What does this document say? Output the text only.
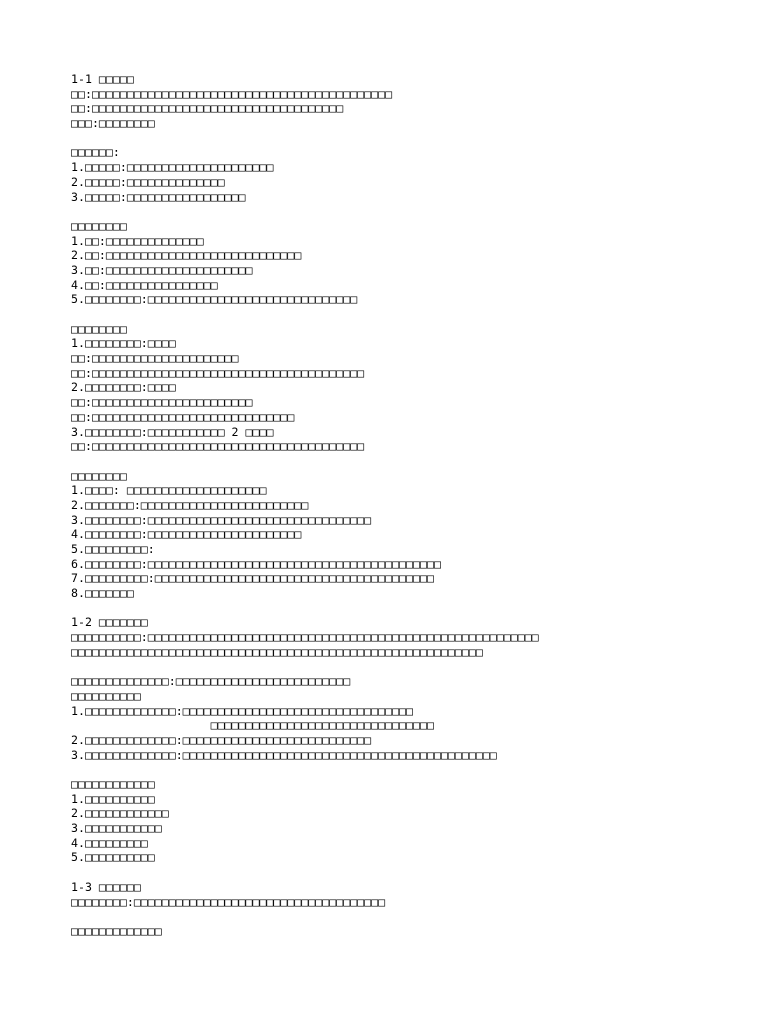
1-1 □□□□□
□□:□□□□□□□□□□□□□□□□□□□□□□□□□□□□□□□□□□□□□□□□□□□
□□:□□□□□□□□□□□□□□□□□□□□□□□□□□□□□□□□□□□□
□□□:□□□□□□□□
□□□□□□:
1.□□□□□:□□□□□□□□□□□□□□□□□□□□□
2.□□□□□:□□□□□□□□□□□□□□
3.□□□□□:□□□□□□□□□□□□□□□□□
□□□□□□□□
1.□□:□□□□□□□□□□□□□□
2.□□:□□□□□□□□□□□□□□□□□□□□□□□□□□□□
3.□□:□□□□□□□□□□□□□□□□□□□□□
4.□□:□□□□□□□□□□□□□□□□
5.□□□□□□□□:□□□□□□□□□□□□□□□□□□□□□□□□□□□□□□
□□□□□□□□
1.□□□□□□□□:□□□□
□□:□□□□□□□□□□□□□□□□□□□□□
□□:□□□□□□□□□□□□□□□□□□□□□□□□□□□□□□□□□□□□□□□
2.□□□□□□□□:□□□□
□□:□□□□□□□□□□□□□□□□□□□□□□□
□□:□□□□□□□□□□□□□□□□□□□□□□□□□□□□□
3.□□□□□□□□:□□□□□□□□□□□ 2 □□□□
□□:□□□□□□□□□□□□□□□□□□□□□□□□□□□□□□□□□□□□□□□
□□□□□□□□
1.□□□□: □□□□□□□□□□□□□□□□□□□□
2.□□□□□□□:□□□□□□□□□□□□□□□□□□□□□□□□
3.□□□□□□□□:□□□□□□□□□□□□□□□□□□□□□□□□□□□□□□□□
4.□□□□□□□□:□□□□□□□□□□□□□□□□□□□□□□
5.□□□□□□□□□:
6.□□□□□□□□:□□□□□□□□□□□□□□□□□□□□□□□□□□□□□□□□□□□□□□□□□□
7.□□□□□□□□□:□□□□□□□□□□□□□□□□□□□□□□□□□□□□□□□□□□□□□□□□
8.□□□□□□□
1-2 □□□□□□□
□□□□□□□□□□:□□□□□□□□□□□□□□□□□□□□□□□□□□□□□□□□□□□□□□□□□□□□□□□□□□□□□□□□
□□□□□□□□□□□□□□□□□□□□□□□□□□□□□□□□□□□□□□□□□□□□□□□□□□□□□□□□□□□
□□□□□□□□□□□□□□:□□□□□□□□□□□□□□□□□□□□□□□□□
□□□□□□□□□□
1.□□□□□□□□□□□□□:□□□□□□□□□□□□□□□□□□□□□□□□□□□□□□□□□
□□□□□□□□□□□□□□□□□□□□□□□□□□□□□□□□
2.□□□□□□□□□□□□□:□□□□□□□□□□□□□□□□□□□□□□□□□□□
3.□□□□□□□□□□□□□:□□□□□□□□□□□□□□□□□□□□□□□□□□□□□□□□□□□□□□□□□□□□□
□□□□□□□□□□□□
1.□□□□□□□□□□
2.□□□□□□□□□□□□
3.□□□□□□□□□□□
4.□□□□□□□□□
5.□□□□□□□□□□
1-3 □□□□□□
□□□□□□□□:□□□□□□□□□□□□□□□□□□□□□□□□□□□□□□□□□□□□
□□□□□□□□□□□□□
